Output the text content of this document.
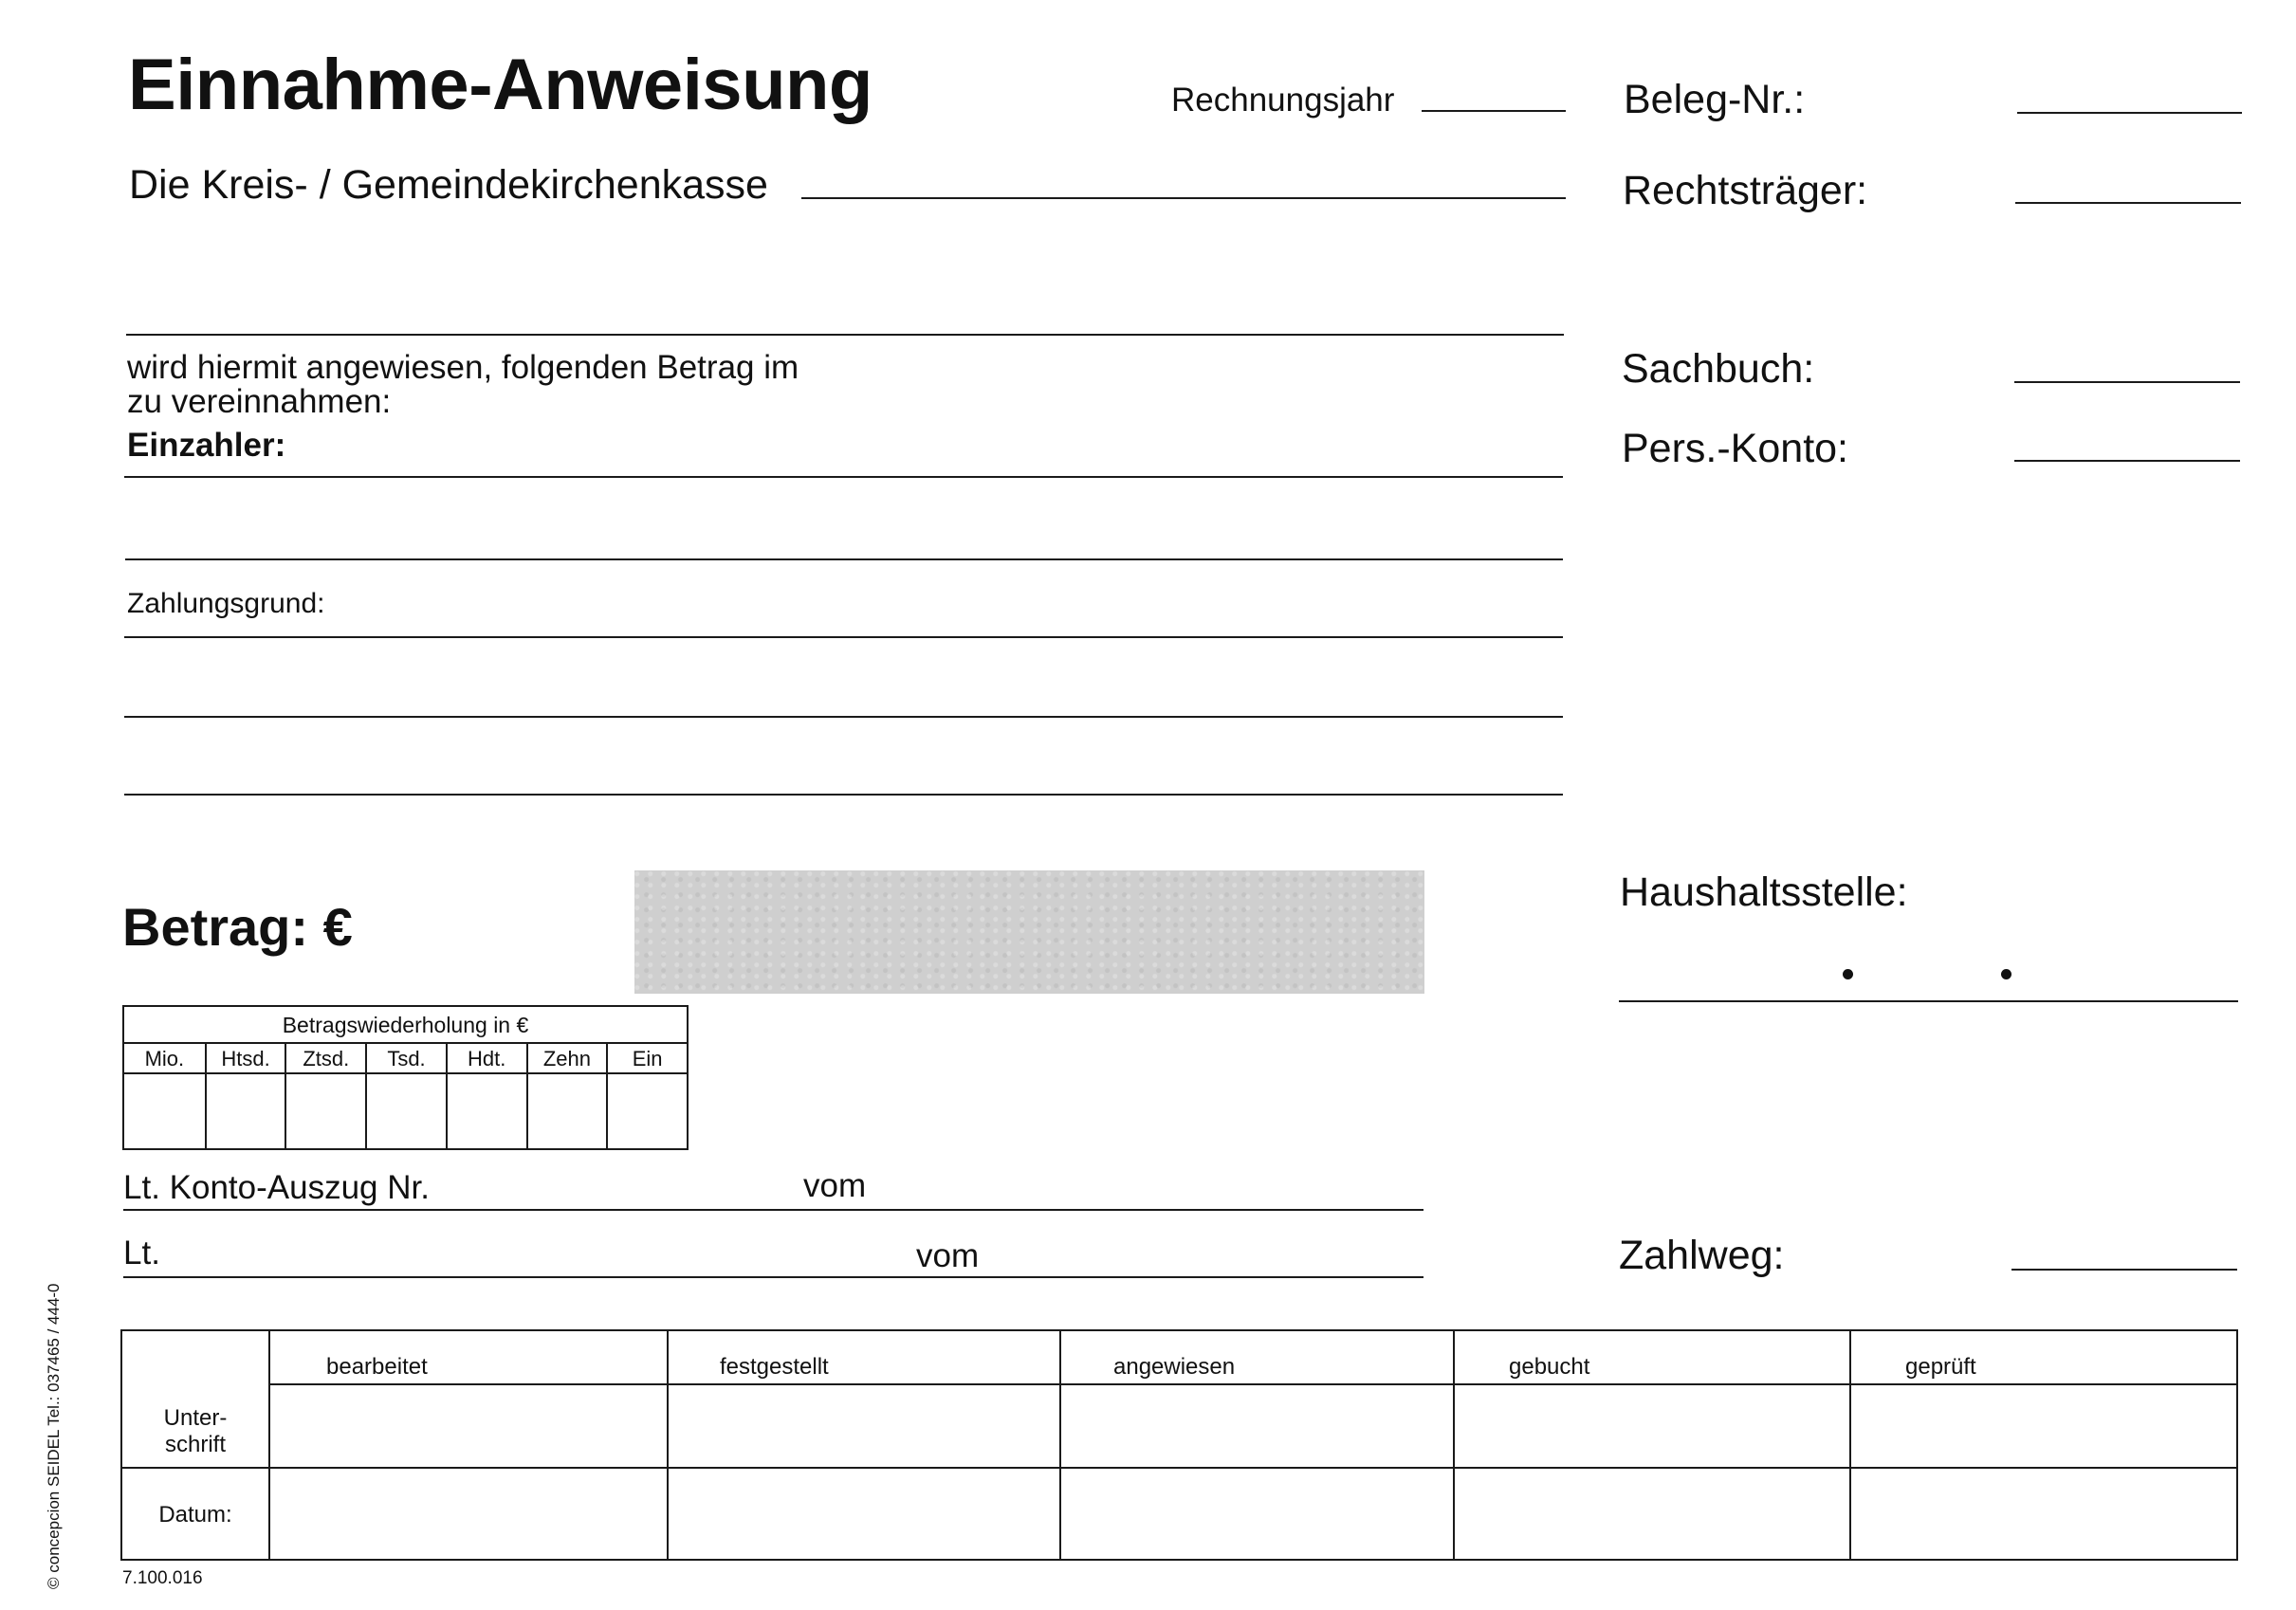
Einnahme-Anweisung	Rechnungsjahr	Beleg-Nr.:
Die Kreis- / Gemeindekirchenkasse	Rechtsträger:
wird hiermit angewiesen, folgenden Betrag im
zu vereinnahmen:
Einzahler:
Sachbuch:
Pers.-Konto:
Zahlungsgrund:
Betrag: €
Haushaltsstelle:
Betragswiederholung in €
Mio.	Htsd.	Ztsd.	Tsd.	Hdt.	Zehn	Ein
Lt. Konto-Auszug Nr.	vom
Lt.	vom	Zahlweg:
bearbeitet	festgestellt	angewiesen	gebucht	geprüft
Unter-
schrift
Datum:
© concepcion SEIDEL Tel.: 037465 / 444-0	7.100.016
